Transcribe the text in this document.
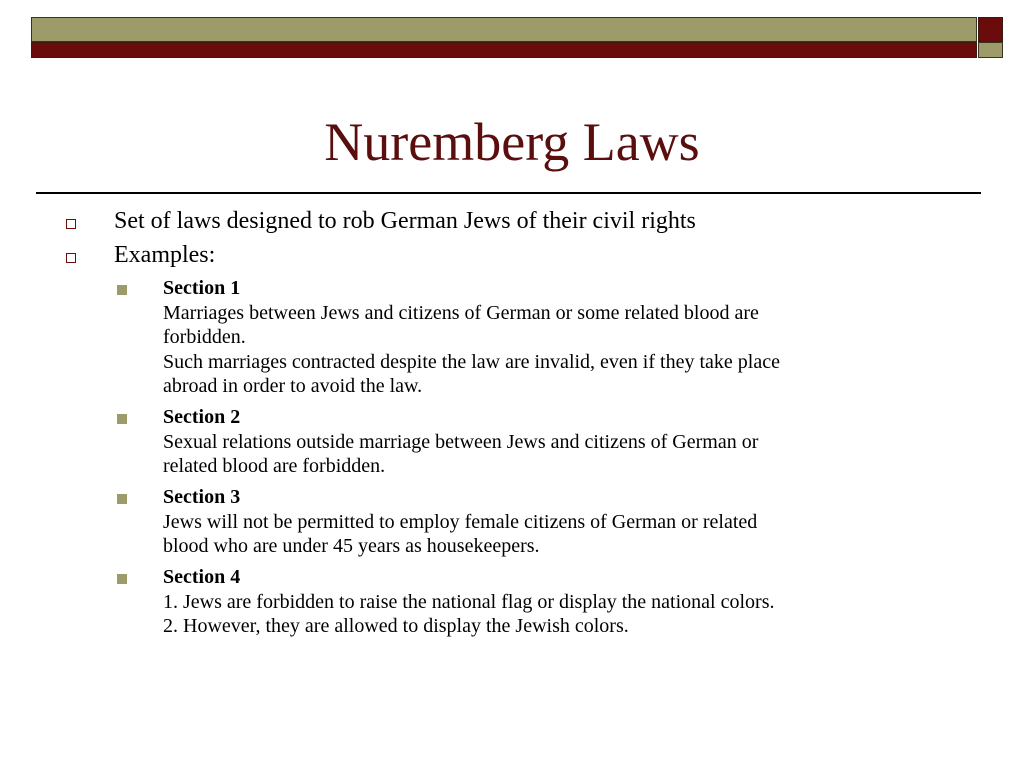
Nuremberg Laws
Set of laws designed to rob German Jews of their civil rights
Examples:
Section 1
Marriages between Jews and citizens of German or some related blood are
forbidden.
Such marriages contracted despite the law are invalid, even if they take place
abroad in order to avoid the law.
Section 2
Sexual relations outside marriage between Jews and citizens of German or
related blood are forbidden.
Section 3
Jews will not be permitted to employ female citizens of German or related
blood who are under 45 years as housekeepers.
Section 4
1. Jews are forbidden to raise the national flag or display the national colors.
2. However, they are allowed to display the Jewish colors.
